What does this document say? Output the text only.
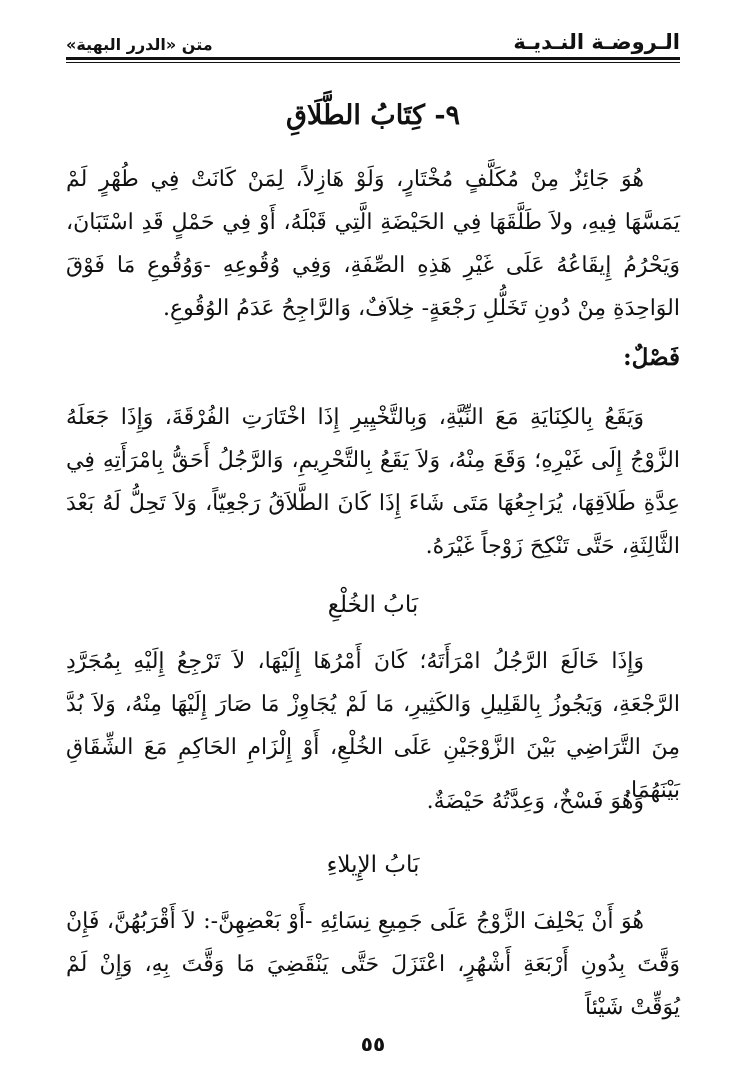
الـروضـة النـديـة
متن «الدرر البهية»
٩- كِتَابُ الطَّلَاقِ

هُوَ جَائِزٌ مِنْ مُكَلَّفٍ مُخْتَارٍ، وَلَوْ هَازِلاً، لِمَنْ كَانَتْ فِي طُهْرٍ لَمْ يَمَسَّهَا فِيهِ، ولاَ طَلَّقَهَا فِي الحَيْضَةِ الَّتِي قَبْلَهُ، أَوْ فِي حَمْلٍ قَدِ اسْتَبَانَ، وَيَحْرُمُ إِيقَاعُهُ عَلَى غَيْرِ هَذِهِ الصِّفَةِ، وَفِي وُقُوعِهِ -وَوُقُوعِ مَا فَوْقَ الوَاحِدَةِ مِنْ دُونِ تَخَلُّلِ رَجْعَةٍ- خِلاَفٌ، وَالرَّاجِحُ عَدَمُ الوُقُوعِ.

فَصْلٌ:

وَيَقَعُ بِالكِنَايَةِ مَعَ النِّيَّةِ، وَبِالتَّخْيِيرِ إِذَا اخْتَارَتِ الفُرْقَةَ، وَإِذَا جَعَلَهُ الزَّوْجُ إِلَى غَيْرِهِ؛ وَقَعَ مِنْهُ، وَلاَ يَقَعُ بِالتَّحْرِيمِ، وَالرَّجُلُ أَحَقُّ بِامْرَأَتِهِ فِي عِدَّةِ طَلاَقِهَا، يُرَاجِعُهَا مَتَى شَاءَ إِذَا كَانَ الطَّلاَقُ رَجْعِيّاً، وَلاَ تَحِلُّ لَهُ بَعْدَ الثَّالِثَةِ، حَتَّى تَنْكِحَ زَوْجاً غَيْرَهُ.

بَابُ الخُلْعِ

وَإِذَا خَالَعَ الرَّجُلُ امْرَأَتَهُ؛ كَانَ أَمْرُهَا إِلَيْهَا، لاَ تَرْجِعُ إِلَيْهِ بِمُجَرَّدِ الرَّجْعَةِ، وَيَجُوزُ بِالقَلِيلِ وَالكَثِيرِ، مَا لَمْ يُجَاوِزْ مَا صَارَ إِلَيْهَا مِنْهُ، وَلاَ بُدَّ مِنَ التَّرَاضِي بَيْنَ الزَّوْجَيْنِ عَلَى الخُلْعِ، أَوْ إِلْزَامِ الحَاكِمِ مَعَ الشِّقَاقِ بَيْنَهُمَا.

وَهُوَ فَسْخٌ، وَعِدَّتُهُ حَيْضَةٌ.

بَابُ الإِيلاءِ

هُوَ أَنْ يَحْلِفَ الزَّوْجُ عَلَى جَمِيعِ نِسَائِهِ -أَوْ بَعْضِهِنَّ-: لاَ أَقْرَبُهُنَّ، فَإِنْ وَقَّتَ بِدُونِ أَرْبَعَةِ أَشْهُرٍ، اعْتَزَلَ حَتَّى يَنْقَضِيَ مَا وَقَّتَ بِهِ، وَإِنْ لَمْ يُوَقِّتْ شَيْئاً

٥٥
